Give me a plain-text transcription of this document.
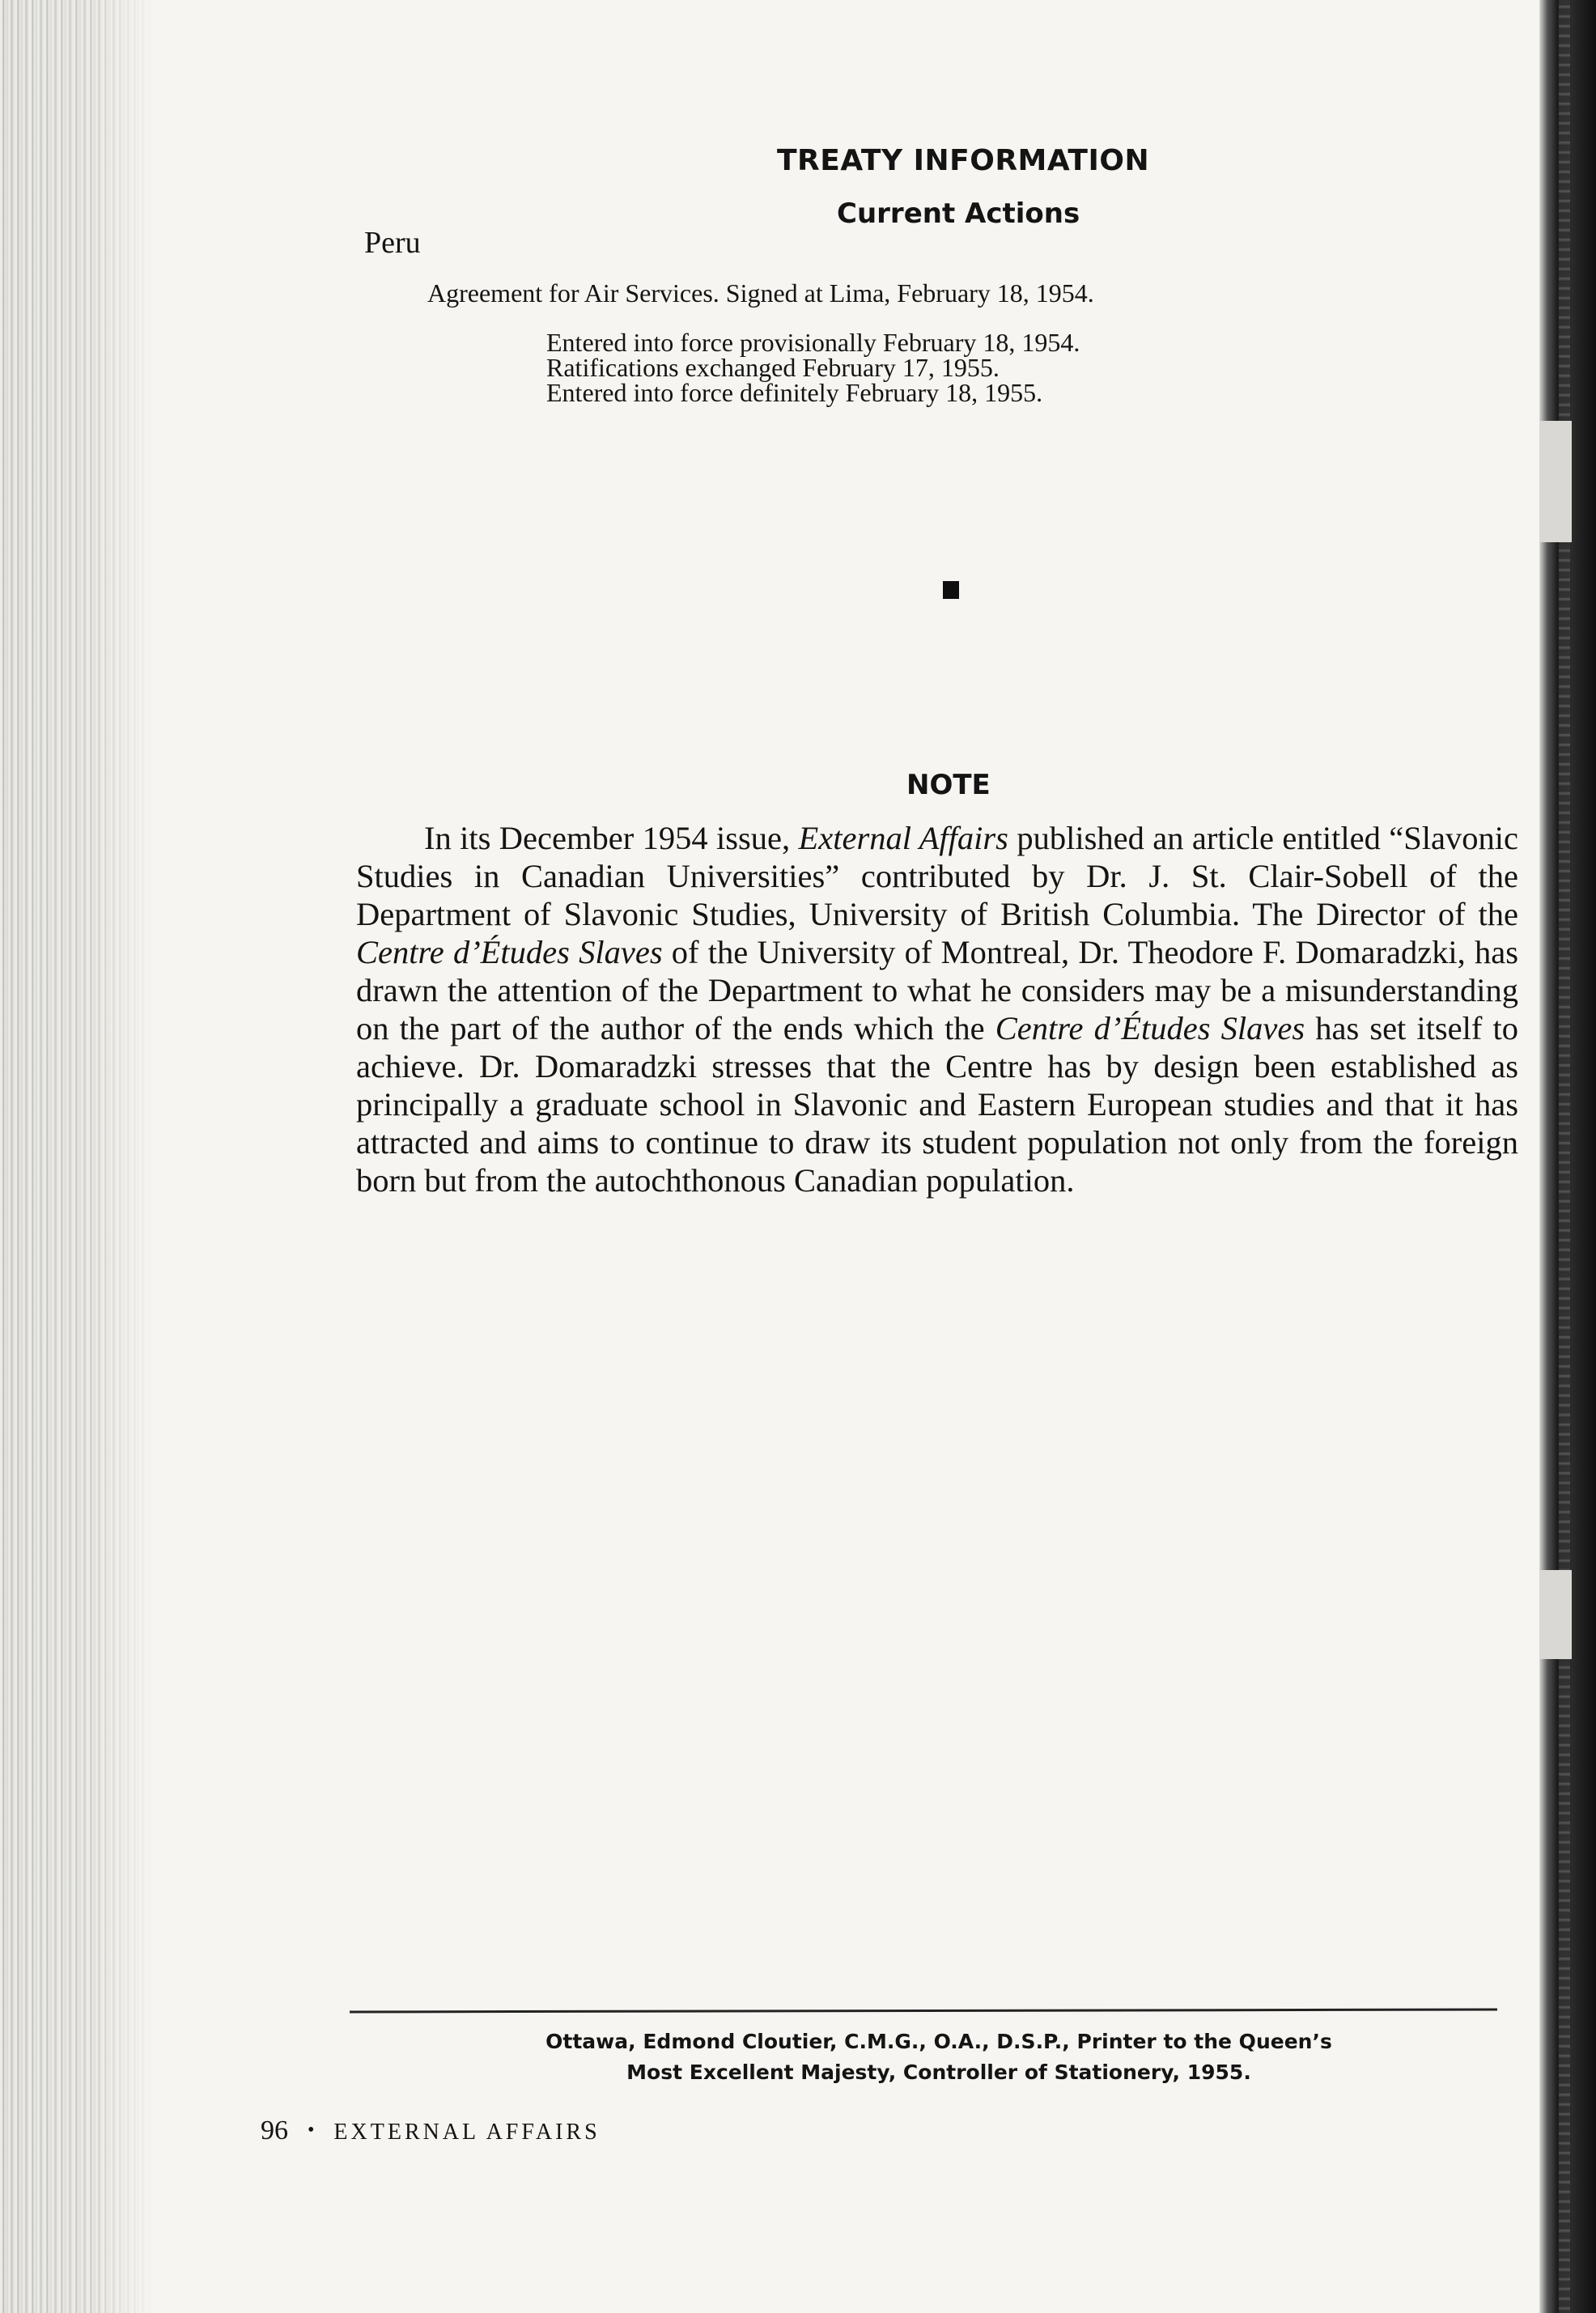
TREATY INFORMATION
Current Actions
Peru
Agreement for Air Services. Signed at Lima, February 18, 1954.
Entered into force provisionally February 18, 1954.
Ratifications exchanged February 17, 1955.
Entered into force definitely February 18, 1955.
NOTE

In its December 1954 issue, External Affairs published an article entitled “Slavonic Studies in Canadian Universities” contributed by Dr. J. St. Clair-Sobell of the Department of Slavonic Studies, University of British Columbia. The Director of the Centre d’Études Slaves of the University of Montreal, Dr. Theodore F. Domaradzki, has drawn the attention of the Department to what he considers may be a misunderstanding on the part of the author of the ends which the Centre d’Études Slaves has set itself to achieve. Dr. Domaradzki stresses that the Centre has by design been established as principally a graduate school in Slavonic and Eastern European studies and that it has attracted and aims to continue to draw its student population not only from the foreign born but from the autochthonous Canadian population.

Ottawa, Edmond Cloutier, C.M.G., O.A., D.S.P., Printer to the Queen’s
Most Excellent Majesty, Controller of Stationery, 1955.
96 • EXTERNAL AFFAIRS
